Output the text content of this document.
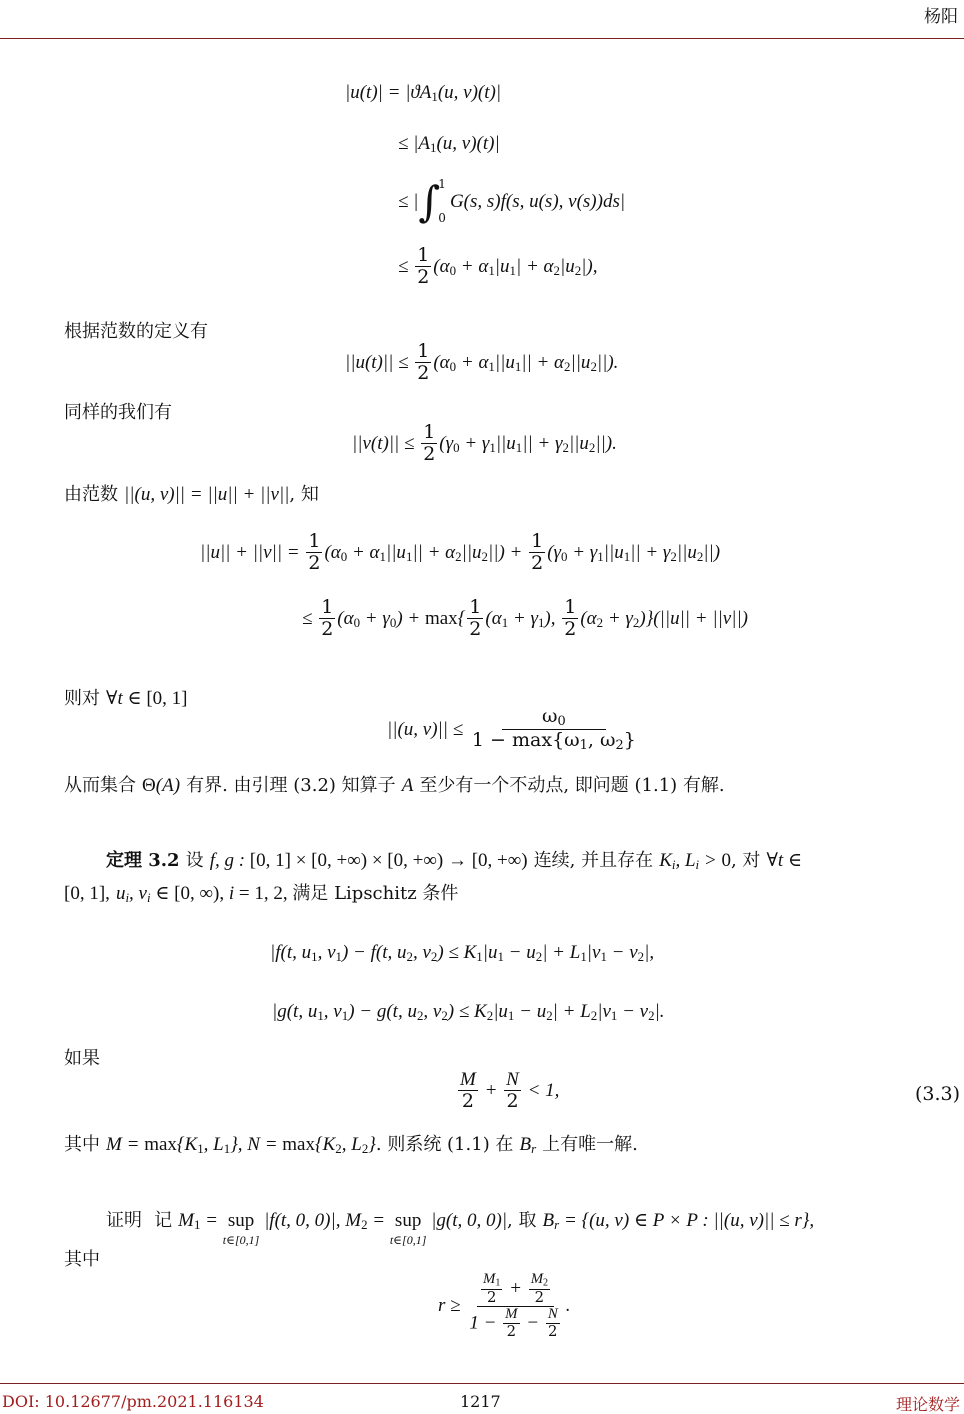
杨阳
$|u(t)| = |ϑA_1(u$, v)(t)|
≤ $|A_1(u$, v)(t)|
≤ |∫
1
0
G(s, s)f(s, u(s), v(s))ds|
≤ $\frac{1}{2} (\alpha_0 + \alpha_1|u_1| + \alpha_2|u_2|)$,
根据范数的定义有
$||u(t)|| \le \frac{1}{2} (\alpha_0 + \alpha_1||u_1|| + \alpha_2||u_2||)$.
同样的我们有
$||v(t)|| \le \frac{1}{2} (\gamma_0 + \gamma_1||u_1|| + \gamma_2||u_2||)$.
由范数 ||(u, v)|| = ||u|| + ||v||, 知
$||u|| + ||v|| = \frac{1}{2} (\alpha_0 + \alpha_1||u_1|| + \alpha_2||u_2||) + \frac{1}{2} (\gamma_0 + \gamma_1||u_1|| + \gamma_2||u_2||)$
≤ $\frac{1}{2} (\alpha_0 + \gamma_0) + \max\{ \frac{1}{2} (\alpha_1 + \gamma_1)$, $\frac{1}{2} (\alpha_2 + \gamma_2)\}(||u|| + ||v||)$
则对 ∀t ∈ [0, 1]
||(u, v)|| ≤
$\omega_0$
$1 - \max\{\omega_1$, $\omega_2$}
从而集合 Θ(A) 有界. 由引理 (3.2) 知算子 A 至少有一个不动点, 即问题 (1.1) 有解.
定理 3.2 设 f, g : [0, 1] × [0, +∞) × [0, +∞) → [0, +∞) 连续, 并且存在 $K_i$, $L_i > 0$, 对 ∀t ∈
[0, 1], $u_i$, $v_i$ ∈ [0, ∞), i = 1, 2, 满足 Lipschitz 条件
|f(t, $u_1$, $v_1) - f(t$, $u_2$, $v_2) \le K_1|u_1 - u_2| + L_1|v_1 - v_2|$,
|g(t, $u_1$, $v_1) - g(t$, $u_2$, $v_2) \le K_2|u_1 - u_2| + L_2|v_1 - v_2|$.
如果
$\frac{M}{2} + \frac{N}{2} < 1$,	(3.3)
其中 $M = \max\{K_1$, $L_1$}, $N = \max\{K_2$, $L_2$}. 则系统 (1.1) 在 $B_r$ 上有唯一解.
证明 记 $M_1$ = sup
t∈[0,1]
|f(t, 0, 0)|, $M_2$ = sup
t∈[0,1]
|g(t, 0, 0)|, 取 $B_r = \{(u$, v) ∈ P × P : ||(u, v)|| ≤ r},
其中
$r \ge \frac{\frac{M_1}{2} + \frac{M_2}{2}}{1 - \frac{M}{2} - \frac{N}{2}}$ .
DOI: 10.12677/pm.2021.116134	1217	理论数学
